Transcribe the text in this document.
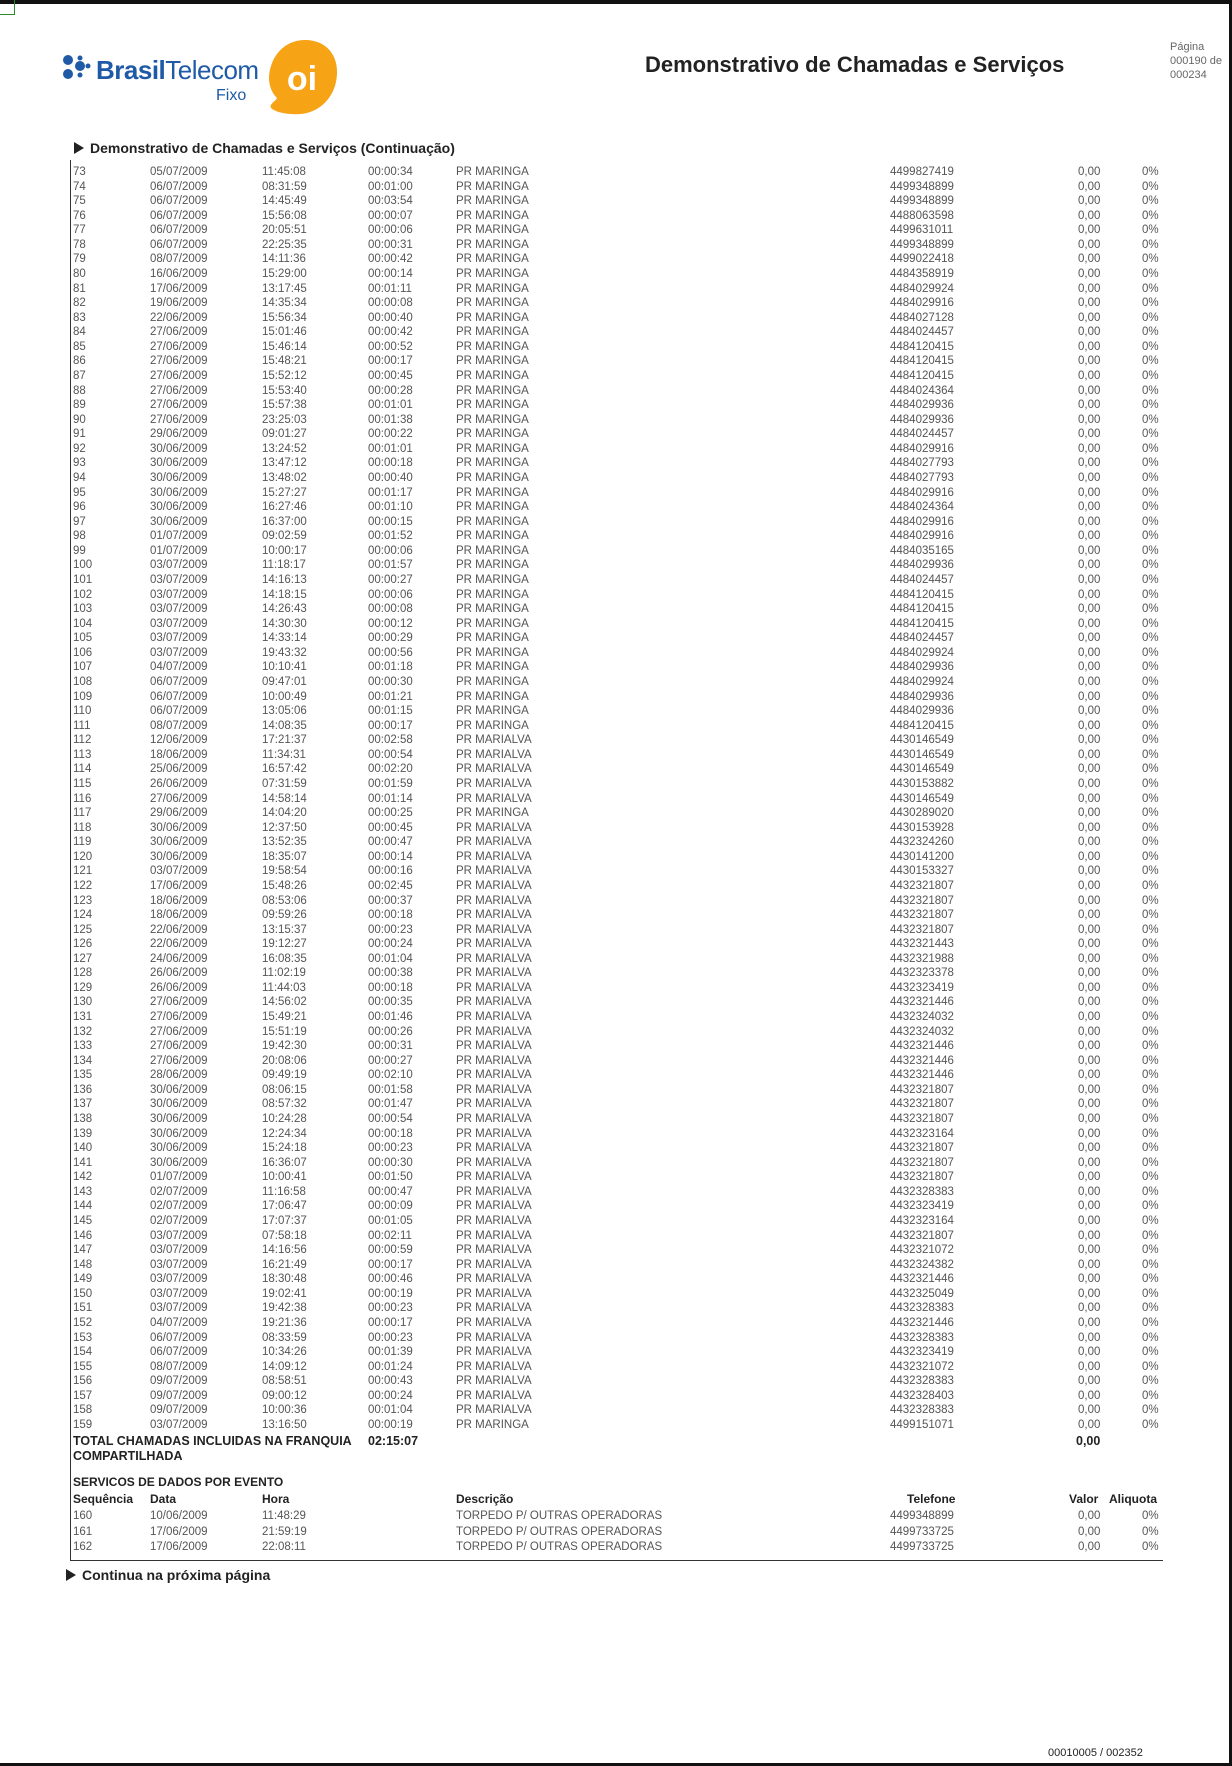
BrasilTelecom
Fixo oi	Demonstrativo de Chamadas e Serviços
Página
000190 de
000234
Demonstrativo de Chamadas e Serviços (Continuação)
73	05/07/2009	11:45:08	00:00:34	PR MARINGA	4499827419	0,00	0%
74	06/07/2009	08:31:59	00:01:00	PR MARINGA	4499348899	0,00	0%
75	06/07/2009	14:45:49	00:03:54	PR MARINGA	4499348899	0,00	0%
76	06/07/2009	15:56:08	00:00:07	PR MARINGA	4488063598	0,00	0%
77	06/07/2009	20:05:51	00:00:06	PR MARINGA	4499631011	0,00	0%
78	06/07/2009	22:25:35	00:00:31	PR MARINGA	4499348899	0,00	0%
79	08/07/2009	14:11:36	00:00:42	PR MARINGA	4499022418	0,00	0%
80	16/06/2009	15:29:00	00:00:14	PR MARINGA	4484358919	0,00	0%
81	17/06/2009	13:17:45	00:01:11	PR MARINGA	4484029924	0,00	0%
82	19/06/2009	14:35:34	00:00:08	PR MARINGA	4484029916	0,00	0%
83	22/06/2009	15:56:34	00:00:40	PR MARINGA	4484027128	0,00	0%
84	27/06/2009	15:01:46	00:00:42	PR MARINGA	4484024457	0,00	0%
85	27/06/2009	15:46:14	00:00:52	PR MARINGA	4484120415	0,00	0%
86	27/06/2009	15:48:21	00:00:17	PR MARINGA	4484120415	0,00	0%
87	27/06/2009	15:52:12	00:00:45	PR MARINGA	4484120415	0,00	0%
88	27/06/2009	15:53:40	00:00:28	PR MARINGA	4484024364	0,00	0%
89	27/06/2009	15:57:38	00:01:01	PR MARINGA	4484029936	0,00	0%
90	27/06/2009	23:25:03	00:01:38	PR MARINGA	4484029936	0,00	0%
91	29/06/2009	09:01:27	00:00:22	PR MARINGA	4484024457	0,00	0%
92	30/06/2009	13:24:52	00:01:01	PR MARINGA	4484029916	0,00	0%
93	30/06/2009	13:47:12	00:00:18	PR MARINGA	4484027793	0,00	0%
94	30/06/2009	13:48:02	00:00:40	PR MARINGA	4484027793	0,00	0%
95	30/06/2009	15:27:27	00:01:17	PR MARINGA	4484029916	0,00	0%
96	30/06/2009	16:27:46	00:01:10	PR MARINGA	4484024364	0,00	0%
97	30/06/2009	16:37:00	00:00:15	PR MARINGA	4484029916	0,00	0%
98	01/07/2009	09:02:59	00:01:52	PR MARINGA	4484029916	0,00	0%
99	01/07/2009	10:00:17	00:00:06	PR MARINGA	4484035165	0,00	0%
100	03/07/2009	11:18:17	00:01:57	PR MARINGA	4484029936	0,00	0%
101	03/07/2009	14:16:13	00:00:27	PR MARINGA	4484024457	0,00	0%
102	03/07/2009	14:18:15	00:00:06	PR MARINGA	4484120415	0,00	0%
103	03/07/2009	14:26:43	00:00:08	PR MARINGA	4484120415	0,00	0%
104	03/07/2009	14:30:30	00:00:12	PR MARINGA	4484120415	0,00	0%
105	03/07/2009	14:33:14	00:00:29	PR MARINGA	4484024457	0,00	0%
106	03/07/2009	19:43:32	00:00:56	PR MARINGA	4484029924	0,00	0%
107	04/07/2009	10:10:41	00:01:18	PR MARINGA	4484029936	0,00	0%
108	06/07/2009	09:47:01	00:00:30	PR MARINGA	4484029924	0,00	0%
109	06/07/2009	10:00:49	00:01:21	PR MARINGA	4484029936	0,00	0%
110	06/07/2009	13:05:06	00:01:15	PR MARINGA	4484029936	0,00	0%
111	08/07/2009	14:08:35	00:00:17	PR MARINGA	4484120415	0,00	0%
112	12/06/2009	17:21:37	00:02:58	PR MARIALVA	4430146549	0,00	0%
113	18/06/2009	11:34:31	00:00:54	PR MARIALVA	4430146549	0,00	0%
114	25/06/2009	16:57:42	00:02:20	PR MARIALVA	4430146549	0,00	0%
115	26/06/2009	07:31:59	00:01:59	PR MARIALVA	4430153882	0,00	0%
116	27/06/2009	14:58:14	00:01:14	PR MARIALVA	4430146549	0,00	0%
117	29/06/2009	14:04:20	00:00:25	PR MARINGA	4430289020	0,00	0%
118	30/06/2009	12:37:50	00:00:45	PR MARIALVA	4430153928	0,00	0%
119	30/06/2009	13:52:35	00:00:47	PR MARIALVA	4432324260	0,00	0%
120	30/06/2009	18:35:07	00:00:14	PR MARIALVA	4430141200	0,00	0%
121	03/07/2009	19:58:54	00:00:16	PR MARIALVA	4430153327	0,00	0%
122	17/06/2009	15:48:26	00:02:45	PR MARIALVA	4432321807	0,00	0%
123	18/06/2009	08:53:06	00:00:37	PR MARIALVA	4432321807	0,00	0%
124	18/06/2009	09:59:26	00:00:18	PR MARIALVA	4432321807	0,00	0%
125	22/06/2009	13:15:37	00:00:23	PR MARIALVA	4432321807	0,00	0%
126	22/06/2009	19:12:27	00:00:24	PR MARIALVA	4432321443	0,00	0%
127	24/06/2009	16:08:35	00:01:04	PR MARIALVA	4432321988	0,00	0%
128	26/06/2009	11:02:19	00:00:38	PR MARIALVA	4432323378	0,00	0%
129	26/06/2009	11:44:03	00:00:18	PR MARIALVA	4432323419	0,00	0%
130	27/06/2009	14:56:02	00:00:35	PR MARIALVA	4432321446	0,00	0%
131	27/06/2009	15:49:21	00:01:46	PR MARIALVA	4432324032	0,00	0%
132	27/06/2009	15:51:19	00:00:26	PR MARIALVA	4432324032	0,00	0%
133	27/06/2009	19:42:30	00:00:31	PR MARIALVA	4432321446	0,00	0%
134	27/06/2009	20:08:06	00:00:27	PR MARIALVA	4432321446	0,00	0%
135	28/06/2009	09:49:19	00:02:10	PR MARIALVA	4432321446	0,00	0%
136	30/06/2009	08:06:15	00:01:58	PR MARIALVA	4432321807	0,00	0%
137	30/06/2009	08:57:32	00:01:47	PR MARIALVA	4432321807	0,00	0%
138	30/06/2009	10:24:28	00:00:54	PR MARIALVA	4432321807	0,00	0%
139	30/06/2009	12:24:34	00:00:18	PR MARIALVA	4432323164	0,00	0%
140	30/06/2009	15:24:18	00:00:23	PR MARIALVA	4432321807	0,00	0%
141	30/06/2009	16:36:07	00:00:30	PR MARIALVA	4432321807	0,00	0%
142	01/07/2009	10:00:41	00:01:50	PR MARIALVA	4432321807	0,00	0%
143	02/07/2009	11:16:58	00:00:47	PR MARIALVA	4432328383	0,00	0%
144	02/07/2009	17:06:47	00:00:09	PR MARIALVA	4432323419	0,00	0%
145	02/07/2009	17:07:37	00:01:05	PR MARIALVA	4432323164	0,00	0%
146	03/07/2009	07:58:18	00:02:11	PR MARIALVA	4432321807	0,00	0%
147	03/07/2009	14:16:56	00:00:59	PR MARIALVA	4432321072	0,00	0%
148	03/07/2009	16:21:49	00:00:17	PR MARIALVA	4432324382	0,00	0%
149	03/07/2009	18:30:48	00:00:46	PR MARIALVA	4432321446	0,00	0%
150	03/07/2009	19:02:41	00:00:19	PR MARIALVA	4432325049	0,00	0%
151	03/07/2009	19:42:38	00:00:23	PR MARIALVA	4432328383	0,00	0%
152	04/07/2009	19:21:36	00:00:17	PR MARIALVA	4432321446	0,00	0%
153	06/07/2009	08:33:59	00:00:23	PR MARIALVA	4432328383	0,00	0%
154	06/07/2009	10:34:26	00:01:39	PR MARIALVA	4432323419	0,00	0%
155	08/07/2009	14:09:12	00:01:24	PR MARIALVA	4432321072	0,00	0%
156	09/07/2009	08:58:51	00:00:43	PR MARIALVA	4432328383	0,00	0%
157	09/07/2009	09:00:12	00:00:24	PR MARIALVA	4432328403	0,00	0%
158	09/07/2009	10:00:36	00:01:04	PR MARIALVA	4432328383	0,00	0%
159	03/07/2009	13:16:50	00:00:19	PR MARINGA	4499151071	0,00	0%
TOTAL CHAMADAS INCLUIDAS NA FRANQUIA COMPARTILHADA
02:15:07	0,00
SERVICOS DE DADOS POR EVENTO
Sequência Data	Hora	Descrição	Telefone	Valor Aliquota
160	10/06/2009	11:48:29	TORPEDO P/ OUTRAS OPERADORAS	4499348899	0,00	0%
161	17/06/2009	21:59:19	TORPEDO P/ OUTRAS OPERADORAS	4499733725	0,00	0%
162	17/06/2009	22:08:11	TORPEDO P/ OUTRAS OPERADORAS	4499733725	0,00	0%
Continua na próxima página
00010005 / 002352
